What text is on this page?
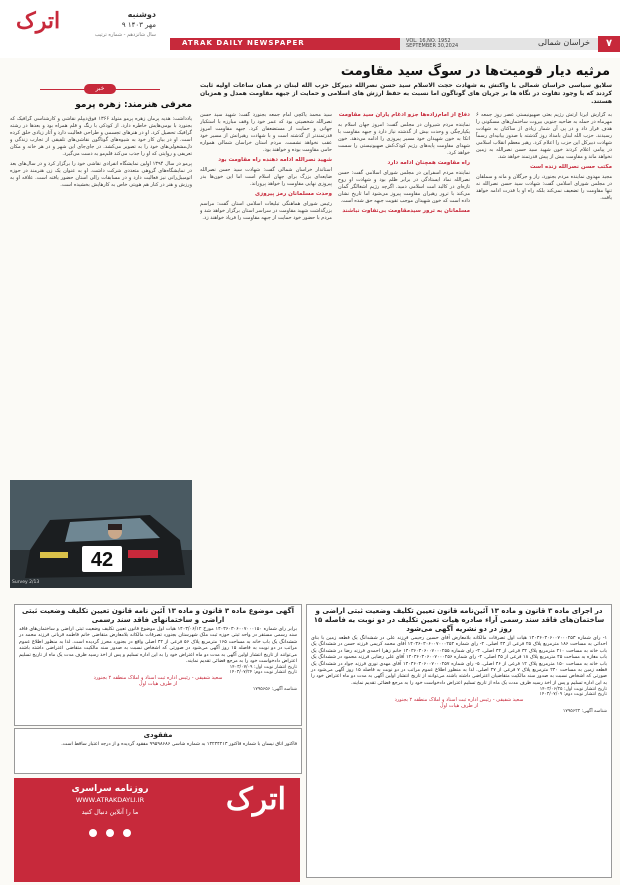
اترک	دوشنبه
۹ مهر ۱۴۰۳
سال شانزدهم - شماره ترتیب
ATRAK DAILY NEWSPAPER	VOL. 16,NO. 1952
SEPTEMBER 30,2024	خراسان شمالی	۷
مرثیه دیار قومیت‌ها در سوگ سید مقاومت
سلایق سیاسی خراسان شمالی با واکنش به شهادت حجت الاسلام سید حسن نصرالله دبیرکل حزب الله لبنان در همان ساعات اولیه ثابت کردند که با وجود تفاوت در نگاه ها بر جریان های گوناگون اما نسبت به حفظ ارزش های اسلامی و حمایت از جبهه مقاومت همدل و همزبان هستند.

به گزارش ایرنا ارتش رژیم بعثی صهیونیستی عصر روز جمعه ۶ مهرماه در حمله به ضاحیه جنوبی بیروت ساختمان‌های مسکونی را هدف قرار داد و در پی آن شمار زیادی از ساکنان به شهادت رسیدند. حزب الله لبنان بامداد روز گذشته با صدور بیانیه‌ای رسماً شهادت دبیرکل این حزب را اعلام کرد. رهبر معظم انقلاب اسلامی در پیامی اعلام کردند خون شهید سید حسن نصرالله به زمین نخواهد ماند و مقاومت بیش از پیش قدرتمند خواهد شد.

مکتب حسن نصرالله زنده است

مجید مهدوی نماینده مردم بجنورد، راز و جرگلان و مانه و سملقان در مجلس شورای اسلامی گفت: شهادت سید حسن نصرالله نه تنها مقاومت را تضعیف نمی‌کند بلکه راه او با قدرت ادامه خواهد یافت.

دفاع از امام‌زاده‌ها جزو ادغام یاران سید مقاومت

نماینده مردم شیروان در مجلس گفت: امروز جهان اسلام به یکپارچگی و وحدت بیش از گذشته نیاز دارد و جبهه مقاومت با اتکا به خون شهیدان خود مسیر پیروزی را ادامه می‌دهد. خون شهدای مقاومت پایه‌های رژیم کودک‌کش صهیونیستی را سست خواهد کرد.

راه مقاومت همچنان ادامه دارد

نماینده مردم اسفراین در مجلس شورای اسلامی گفت: حسن نصرالله نماد ایستادگی در برابر ظلم بود و شهادت او روح تازه‌ای در کالبد امت اسلامی دمید. اگرچه رژیم اشغالگر گمان می‌کند با ترور رهبران مقاومت پیروز می‌شود اما تاریخ نشان داده است که خون شهیدان موجب تقویت جبهه حق شده است.

مسلمانان به ترور سیدمقاومت بی‌تفاوت نباشند

سید محمد یاکچی امام جمعه بجنورد گفت: شهید سید حسن نصرالله شخصیتی بود که عمر خود را وقف مبارزه با استکبار جهانی و حمایت از مستضعفان کرد. جبهه مقاومت امروز قدرتمندتر از گذشته است و با شهادت رهبرانش از مسیر خود عقب نخواهد نشست. مردم استان خراسان شمالی همواره حامی مقاومت بوده و خواهند بود.

شهید نصرالله ادامه دهنده راه مقاومت بود

استاندار خراسان شمالی گفت: شهادت سید حسن نصرالله ضایعه‌ای بزرگ برای جهان اسلام است اما این خون‌ها بذر پیروزی نهایی مقاومت را خواهد پروراند.

وحدت مسلمانان رمز پیروزی

رئیس شورای هماهنگی تبلیغات اسلامی استان گفت: مراسم بزرگداشت شهید مقاومت در سراسر استان برگزار خواهد شد و مردم با حضور خود حمایت از جبهه مقاومت را فریاد خواهند زد.

خبر
معرفی هنرمند: زهره پرمو

یادداشت: هدیه پرمان زهره پرمو متولد ۱۳۶۶ فوق‌دیپلم نقاشی و کارشناسی گرافیک که بجنورد با بومی‌هایش خاطره دارد. از کودکی با رنگ و قلم همراه بود و بعدها در رشته گرافیک تحصیل کرد. او در هنرهای تجسمی و طراحی فعالیت دارد و آثار زیادی خلق کرده است. او در بیان کار خود به شیوه‌های گوناگون نقاشی‌های تلفیقی از تجارب زندگی و دل‌مشغولی‌های خود را به تصویر می‌کشد. در جای‌جای این شهر و در هر خانه و مکان تعریفی و روایتی که او را جذب می‌کند قلم‌مو به دست می‌گیرد.

پرمو در سال ۱۳۹۴ اولین نمایشگاه انفرادی نقاشی خود را برگزار کرد و در سال‌های بعد در نمایشگاه‌های گروهی متعددی شرکت داشت. او به عنوان یک زن هنرمند در حوزه اتومبیل‌رانی نیز فعالیت دارد و در مسابقات رالی استان حضور یافته است. علاقه او به ورزش و هنر در کنار هم هویتی خاص به کارهایش بخشیده است.

42
Survey 2/13
در اجرای ماده ۳ قانون و ماده ۱۳ آئین‌نامه قانون تعیین تکلیف وضعیت ثبتی اراضی و ساختمان‌های فاقد سند رسمی آراء صادره هیات تعیین تکلیف در دو نوبت به فاصله ۱۵ روز در دو نشریه آگهی می‌شود
۱- رای شماره ۱۴۰۳۶۰۳۰۶۰۰۷۰۰۰۲۵۳ هیات اول تصرفات مالکانه بلامعارض آقای حسین رحیمی فرزند علی در ششدانگ یک قطعه زمین با بنای احداثی به مساحت ۱۸۶ مترمربع پلاک ۲۵ فرعی از ۴۴ اصلی. ۲- رای شماره ۱۴۰۳۶۰۳۰۶۰۰۷۰۰۰۲۵۴ آقای محمد کریمی فرزند حسن در ششدانگ یک باب خانه به مساحت ۲۱۰ مترمربع پلاک ۳۲ فرعی از ۴۴ اصلی. ۳- رای شماره ۱۴۰۳۶۰۳۰۶۰۰۷۰۰۰۲۵۵ خانم زهرا احمدی فرزند رضا در ششدانگ یک باب مغازه به مساحت ۴۵ مترمربع پلاک ۱۸ فرعی از ۴۵ اصلی. ۴- رای شماره ۱۴۰۳۶۰۳۰۶۰۰۷۰۰۰۲۵۶ آقای علی رضایی فرزند محمود در ششدانگ یک باب خانه به مساحت ۱۵۰ مترمربع پلاک ۱۲ فرعی از ۴۶ اصلی. ۵- رای شماره ۱۴۰۳۶۰۳۰۶۰۰۷۰۰۰۲۵۷ آقای مهدی نوری فرزند جواد در ششدانگ یک قطعه زمین به مساحت ۲۴۰ مترمربع پلاک ۷ فرعی از ۴۷ اصلی. لذا به منظور اطلاع عموم مراتب در دو نوبت به فاصله ۱۵ روز آگهی می‌شود در صورتی که اشخاص نسبت به صدور سند مالکیت متقاضیان اعتراضی داشته باشند می‌توانند از تاریخ انتشار اولین آگهی به مدت دو ماه اعتراض خود را به این اداره تسلیم و پس از اخذ رسید ظرف مدت یک ماه از تاریخ تسلیم اعتراض دادخواست خود را به مرجع قضائی تقدیم نمایند.
تاریخ انتشار نوبت اول: ۱۴۰۳/۰۶/۲۵
تاریخ انتشار نوبت دوم: ۱۴۰۳/۰۷/۰۹
سعید شفیقی - رئیس اداره ثبت اسناد و املاک منطقه ۲ بجنورد
از طرف هیات اول
شناسه آگهی: ۱۷۹۵۶۲۲
آگهی موضوع ماده ۳ قانون و ماده ۱۳ آئین نامه قانون تعیین تکلیف وضعیت ثبتی اراضی و ساختمانهای فاقد سند رسمی
برابر رای شماره ۱۴۰۳۶۰۳۰۶۰۰۷۰۰۰۱۵۰ مورخ ۱۴۰۳/۰۶/۱۲ هیات اول موضوع قانون تعیین تکلیف وضعیت ثبتی اراضی و ساختمان‌های فاقد سند رسمی مستقر در واحد ثبتی حوزه ثبت ملک شهرستان بجنورد تصرفات مالکانه بلامعارض متقاضی خانم فاطمه قربانی فرزند محمد در ششدانگ یک باب خانه به مساحت ۱۶۵ مترمربع پلاک ۵۶ فرعی از ۴۴ اصلی واقع در بجنورد محرز گردیده است. لذا به منظور اطلاع عموم مراتب در دو نوبت به فاصله ۱۵ روز آگهی می‌شود در صورتی که اشخاص نسبت به صدور سند مالکیت متقاضی اعتراضی داشته باشند می‌توانند از تاریخ انتشار اولین آگهی به مدت دو ماه اعتراض خود را به این اداره تسلیم و پس از اخذ رسید ظرف مدت یک ماه از تاریخ تسلیم اعتراض دادخواست خود را به مرجع قضائی تقدیم نمایند.
تاریخ انتشار نوبت اول: ۱۴۰۳/۰۷/۰۹
تاریخ انتشار نوبت دوم: ۱۴۰۳/۰۷/۲۴
سعید شفیقی - رئیس اداره ثبت اسناد و املاک منطقه ۲ بجنورد
از طرف هیات اول
شناسه آگهی: ۱۷۹۵۶۵۶
مفقودی
فاکتور اتاق نیسان با شماره فاکتور ۱۴۲۴۴۲۱۳ به شماره شاسی ۹۹۵۹۸۶۸۶ مفقود گردیده و از درجه اعتبار ساقط است.
روزنامه سراسری
WWW.ATRAKDAYLI.IR
ما را آنلاین دنبال کنید
	اترک
